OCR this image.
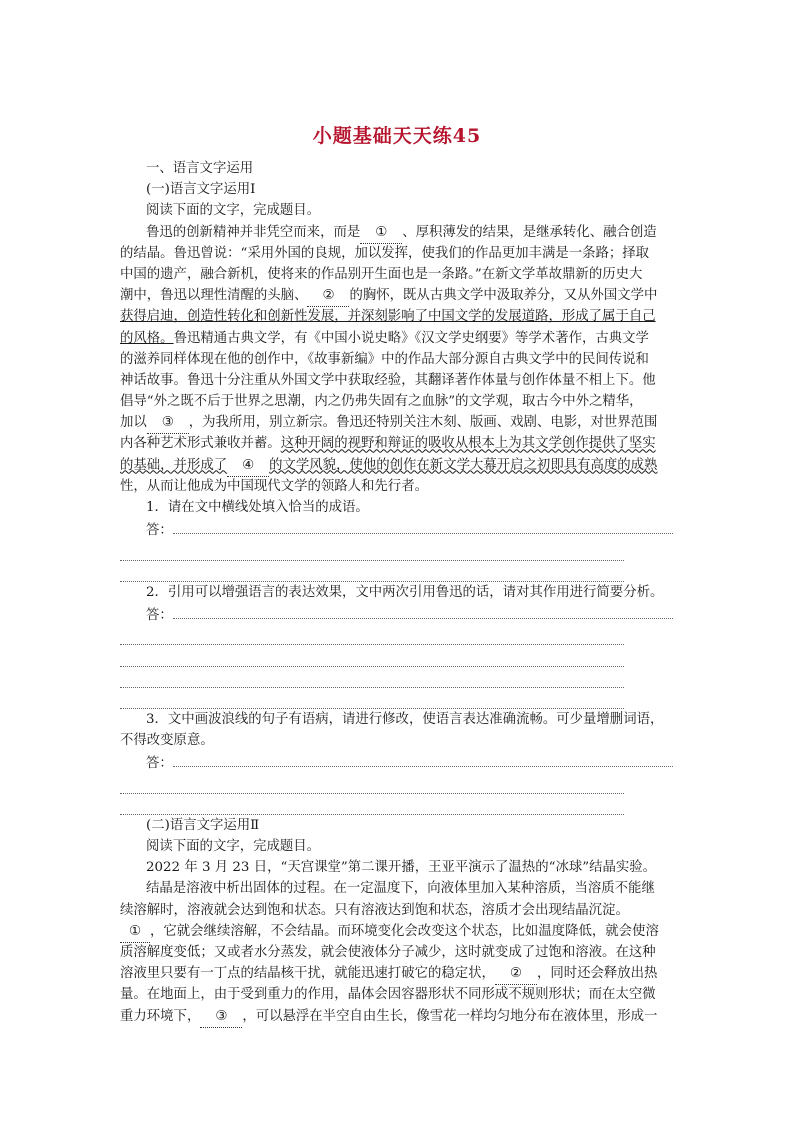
小题基础天天练45
一、语言文字运用
(一)语言文字运用Ⅰ
阅读下面的文字，完成题目。
鲁迅的创新精神并非凭空而来，而是 ① 、厚积薄发的结果，是继承转化、融合创造
的结晶。鲁迅曾说：“采用外国的良规，加以发挥，使我们的作品更加丰满是一条路；择取
中国的遗产，融合新机，使将来的作品别开生面也是一条路。”在新文学革故鼎新的历史大
潮中，鲁迅以理性清醒的头脑、 ② 的胸怀，既从古典文学中汲取养分，又从外国文学中
获得启迪，创造性转化和创新性发展，并深刻影响了中国文学的发展道路，形成了属于自己
的风格。鲁迅精通古典文学，有《中国小说史略》《汉文学史纲要》等学术著作，古典文学
的滋养同样体现在他的创作中，《故事新编》中的作品大部分源自古典文学中的民间传说和
神话故事。鲁迅十分注重从外国文学中获取经验，其翻译著作体量与创作体量不相上下。他
倡导“外之既不后于世界之思潮，内之仍弗失固有之血脉”的文学观，取古今中外之精华，
加以 ③ ，为我所用，别立新宗。鲁迅还特别关注木刻、版画、戏剧、电影，对世界范围
内各种艺术形式兼收并蓄。这种开阔的视野和辩证的吸收从根本上为其文学创作提供了坚实
的基础，并形成了 ④ 的文学风貌，使他的创作在新文学大幕开启之初即具有高度的成熟
性，从而让他成为中国现代文学的领路人和先行者。
1．请在文中横线处填入恰当的成语。
答：
2．引用可以增强语言的表达效果，文中两次引用鲁迅的话，请对其作用进行简要分析。
答：
3．文中画波浪线的句子有语病，请进行修改，使语言表达准确流畅。可少量增删词语，
不得改变原意。
答：
(二)语言文字运用Ⅱ
阅读下面的文字，完成题目。
2022 年 3 月 23 日，“天宫课堂”第二课开播，王亚平演示了温热的“冰球”结晶实验。
结晶是溶液中析出固体的过程。在一定温度下，向液体里加入某种溶质，当溶质不能继
续溶解时，溶液就会达到饱和状态。只有溶液达到饱和状态，溶质才会出现结晶沉淀。
① ，它就会继续溶解，不会结晶。而环境变化会改变这个状态，比如温度降低，就会使溶
质溶解度变低；又或者水分蒸发，就会使液体分子减少，这时就变成了过饱和溶液。在这种
溶液里只要有一丁点的结晶核干扰，就能迅速打破它的稳定状， ② ，同时还会释放出热
量。在地面上，由于受到重力的作用，晶体会因容器形状不同形成不规则形状；而在太空微
重力环境下， ③ ，可以悬浮在半空自由生长，像雪花一样均匀地分布在液体里，形成一
